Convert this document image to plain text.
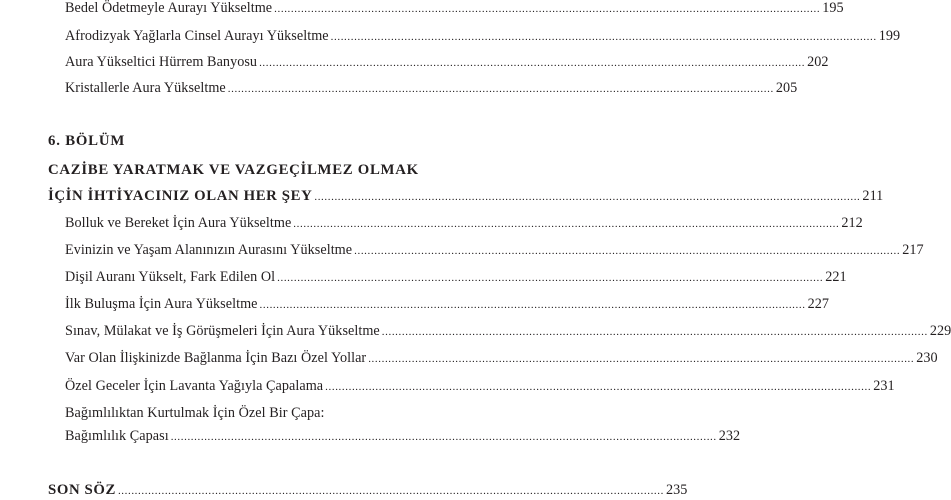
Bedel Ödetmeyle Aurayı Yükseltme ................................................................................................................................................................... 195
Afrodizyak Yağlarla Cinsel Aurayı Yükseltme ................................................................................................................................................................... 199
Aura Yükseltici Hürrem Banyosu ................................................................................................................................................................... 202
Kristallerle Aura Yükseltme ................................................................................................................................................................... 205
6. BÖLÜM
CAZİBE YARATMAK VE VAZGEÇİLMEZ OLMAK
İÇİN İHTİYACINIZ OLAN HER ŞEY ................................................................................................................................................................... 211
Bolluk ve Bereket İçin Aura Yükseltme ................................................................................................................................................................... 212
Evinizin ve Yaşam Alanınızın Aurasını Yükseltme ................................................................................................................................................................... 217
Dişil Auranı Yükselt, Fark Edilen Ol ................................................................................................................................................................... 221
İlk Buluşma İçin Aura Yükseltme ................................................................................................................................................................... 227
Sınav, Mülakat ve İş Görüşmeleri İçin Aura Yükseltme ................................................................................................................................................................... 229
Var Olan İlişkinizde Bağlanma İçin Bazı Özel Yollar ................................................................................................................................................................... 230
Özel Geceler İçin Lavanta Yağıyla Çapalama ................................................................................................................................................................... 231
Bağımlılıktan Kurtulmak İçin Özel Bir Çapa:
Bağımlılık Çapası ................................................................................................................................................................... 232
SON SÖZ ................................................................................................................................................................... 235
